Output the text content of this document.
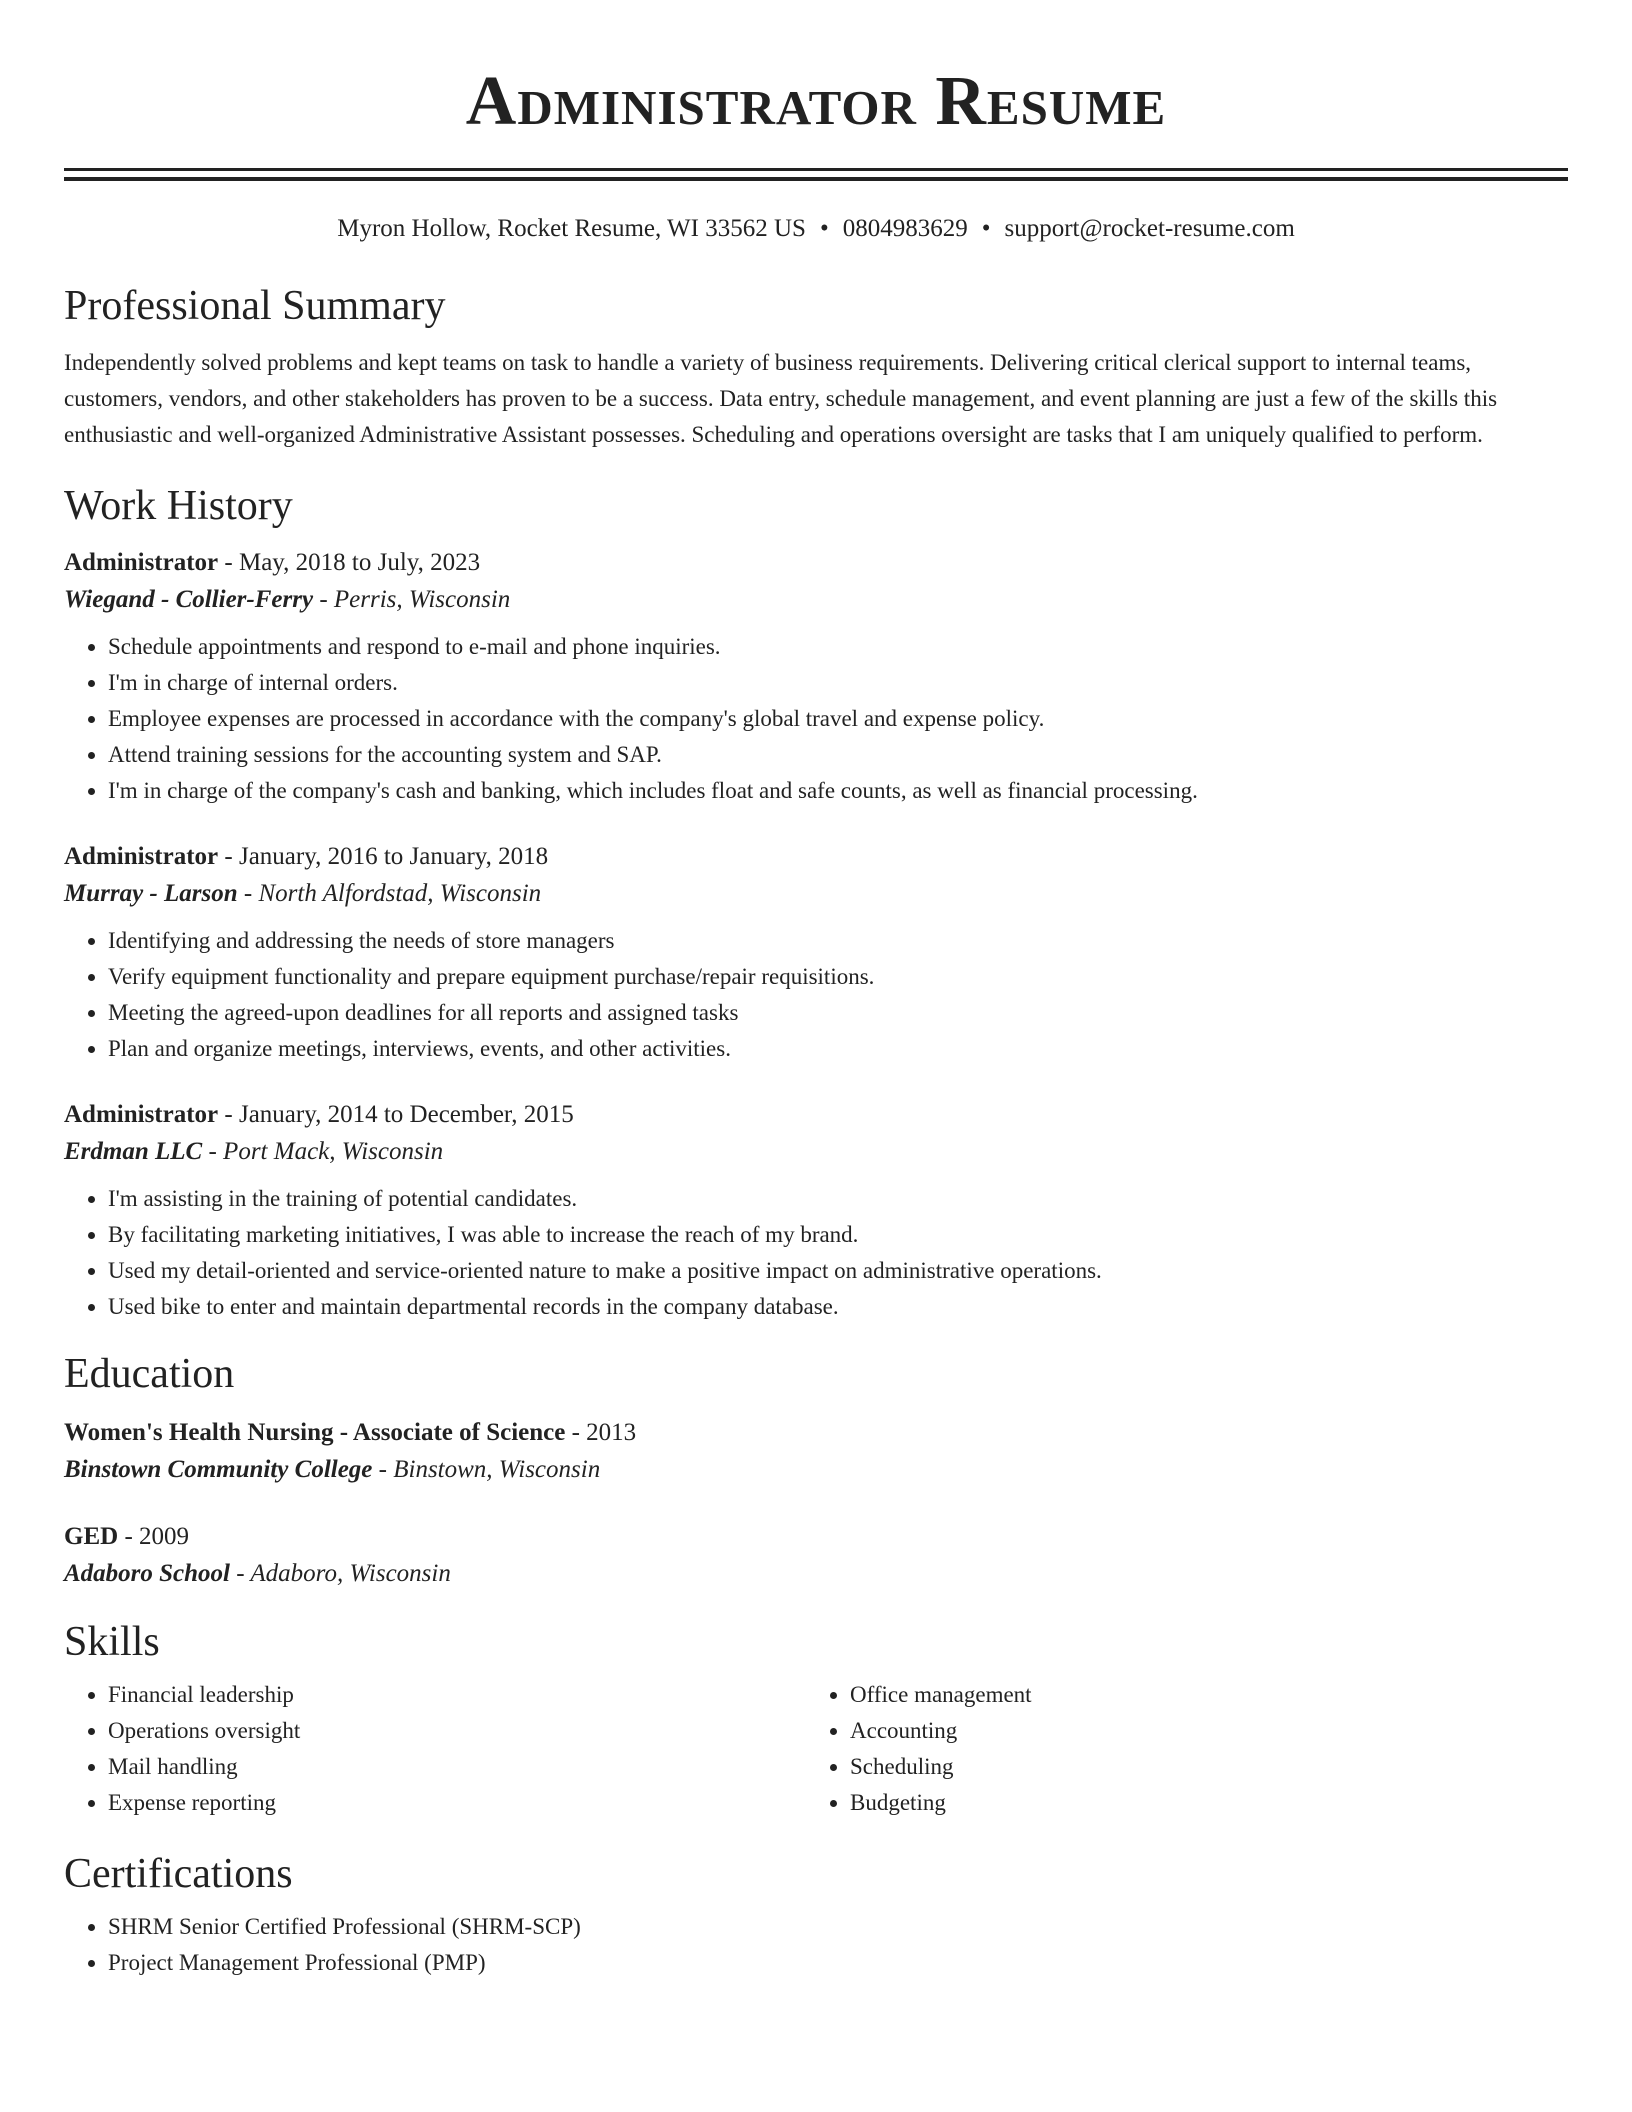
Administrator Resume
Myron Hollow, Rocket Resume, WI 33562 US • 0804983629 • support@rocket-resume.com
Professional Summary

Independently solved problems and kept teams on task to handle a variety of business requirements. Delivering critical clerical support to internal teams, customers, vendors, and other stakeholders has proven to be a success. Data entry, schedule management, and event planning are just a few of the skills this enthusiastic and well-organized Administrative Assistant possesses. Scheduling and operations oversight are tasks that I am uniquely qualified to perform.

Work History
Administrator - May, 2018 to July, 2023
Wiegand - Collier-Ferry - Perris, Wisconsin
• Schedule appointments and respond to e-mail and phone inquiries.
• I'm in charge of internal orders.
• Employee expenses are processed in accordance with the company's global travel and expense policy.
• Attend training sessions for the accounting system and SAP.
• I'm in charge of the company's cash and banking, which includes float and safe counts, as well as financial processing.
Administrator - January, 2016 to January, 2018
Murray - Larson - North Alfordstad, Wisconsin
• Identifying and addressing the needs of store managers
• Verify equipment functionality and prepare equipment purchase/repair requisitions.
• Meeting the agreed-upon deadlines for all reports and assigned tasks
• Plan and organize meetings, interviews, events, and other activities.
Administrator - January, 2014 to December, 2015
Erdman LLC - Port Mack, Wisconsin
• I'm assisting in the training of potential candidates.
• By facilitating marketing initiatives, I was able to increase the reach of my brand.
• Used my detail-oriented and service-oriented nature to make a positive impact on administrative operations.
• Used bike to enter and maintain departmental records in the company database.
Education
Women's Health Nursing - Associate of Science - 2013
Binstown Community College - Binstown, Wisconsin
GED - 2009
Adaboro School - Adaboro, Wisconsin
Skills
• Financial leadership
• Operations oversight
• Mail handling
• Expense reporting
• Office management
• Accounting
• Scheduling
• Budgeting
Certifications
• SHRM Senior Certified Professional (SHRM-SCP)
• Project Management Professional (PMP)
